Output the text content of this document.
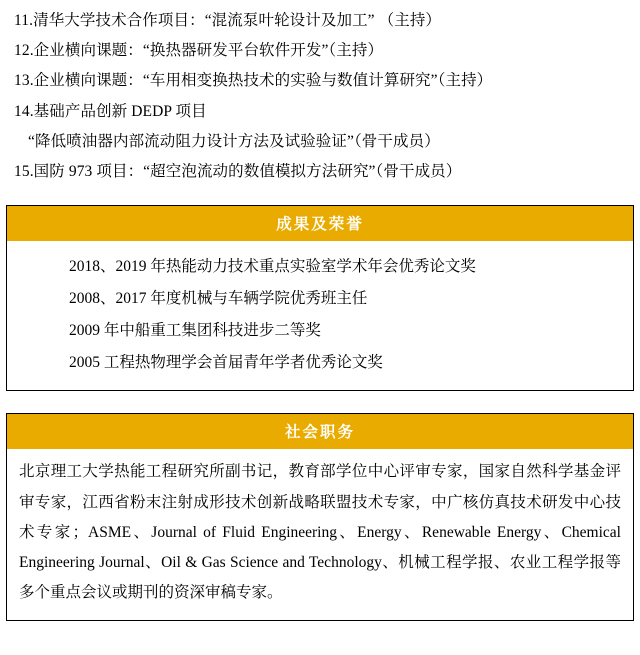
11.清华大学技术合作项目：“混流泵叶轮设计及加工” （主持）
12.企业横向课题：“换热器研发平台软件开发”（主持）
13.企业横向课题：“车用相变换热技术的实验与数值计算研究”（主持）
14.基础产品创新 DEDP 项目
“降低喷油器内部流动阻力设计方法及试验验证”（骨干成员）
15.国防 973 项目：“超空泡流动的数值模拟方法研究”（骨干成员）
成果及荣誉
2018、2019 年热能动力技术重点实验室学术年会优秀论文奖
2008、2017 年度机械与车辆学院优秀班主任
2009 年中船重工集团科技进步二等奖
2005 工程热物理学会首届青年学者优秀论文奖
社会职务

北京理工大学热能工程研究所副书记，教育部学位中心评审专家，国家自然科学基金评审专家，江西省粉末注射成形技术创新战略联盟技术专家，中广核仿真技术研发中心技术专家；ASME、Journal of Fluid Engineering、Energy、Renewable Energy、Chemical Engineering Journal、Oil & Gas Science and Technology、机械工程学报、农业工程学报等多个重点会议或期刊的资深审稿专家。
